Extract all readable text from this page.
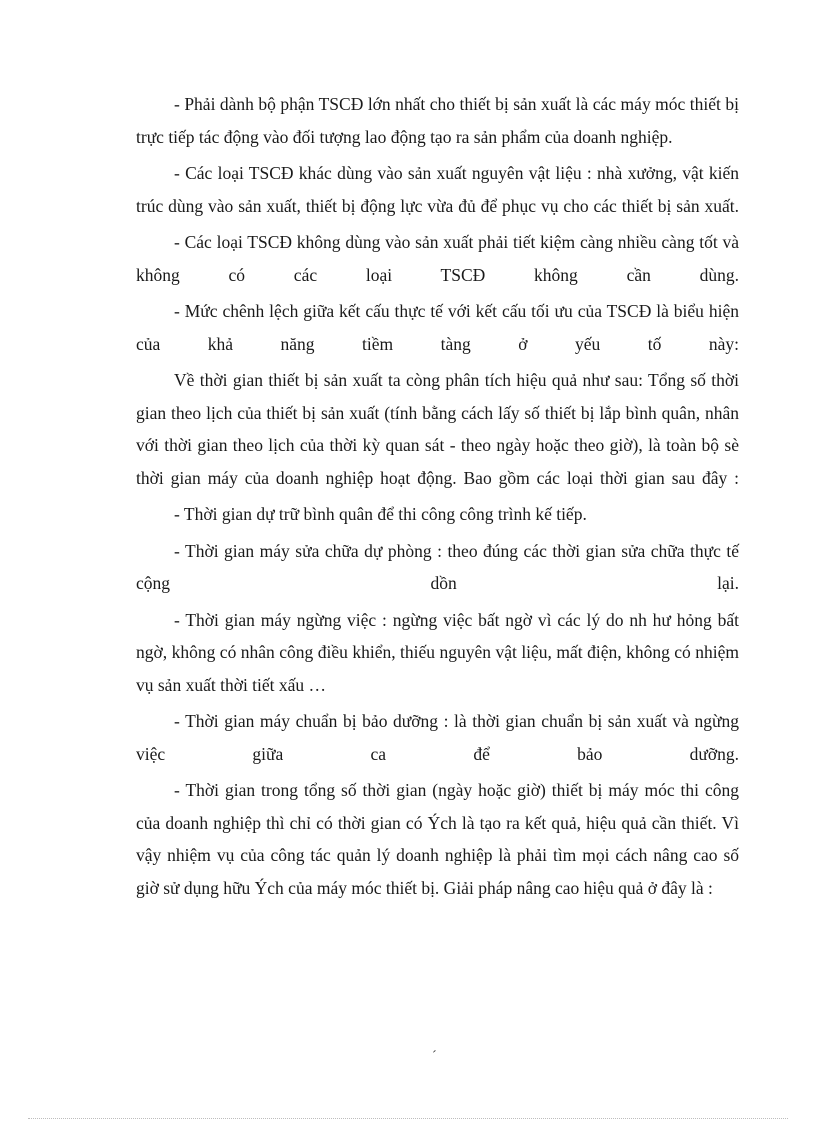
- Phải dành bộ phận TSCĐ lớn nhất cho thiết bị sản xuất là các máy móc thiết bị trực tiếp tác động vào đối tượng lao động tạo ra sản phẩm của doanh nghiệp.

- Các loại TSCĐ khác dùng vào sản xuất nguyên vật liệu : nhà xưởng, vật kiến trúc dùng vào sản xuất, thiết bị động lực vừa đủ để phục vụ cho các thiết bị sản xuất.

- Các loại TSCĐ không dùng vào sản xuất phải tiết kiệm càng nhiều càng tốt và không có các loại TSCĐ không cần dùng.

- Mức chênh lệch giữa kết cấu thực tế với kết cấu tối ưu của TSCĐ là biểu hiện của khả năng tiềm tàng ở yếu tố này:

Về thời gian thiết bị sản xuất ta còng phân tích hiệu quả như sau: Tổng số thời gian theo lịch của thiết bị sản xuất (tính bằng cách lấy số thiết bị lắp bình quân, nhân với thời gian theo lịch của thời kỳ quan sát - theo ngày hoặc theo giờ), là toàn bộ sè thời gian máy của doanh nghiệp hoạt động. Bao gồm các loại thời gian sau đây :

- Thời gian dự trữ bình quân để thi công công trình kế tiếp.

- Thời gian máy sửa chữa dự phòng : theo đúng các thời gian sửa chữa thực tế cộng dồn lại.

- Thời gian máy ngừng việc : ngừng việc bất ngờ vì các lý do nh hư hỏng bất ngờ, không có nhân công điều khiển, thiếu nguyên vật liệu, mất điện, không có nhiệm vụ sản xuất thời tiết xấu …

- Thời gian máy chuẩn bị bảo dưỡng : là thời gian chuẩn bị sản xuất và ngừng việc giữa ca để bảo dưỡng.

- Thời gian trong tổng số thời gian (ngày hoặc giờ) thiết bị máy móc thi công của doanh nghiệp thì chỉ có thời gian có Ých là tạo ra kết quả, hiệu quả cần thiết. Vì vậy nhiệm vụ của công tác quản lý doanh nghiệp là phải tìm mọi cách nâng cao số giờ sử dụng hữu Ých của máy móc thiết bị. Giải pháp nâng cao hiệu quả ở đây là :

´
